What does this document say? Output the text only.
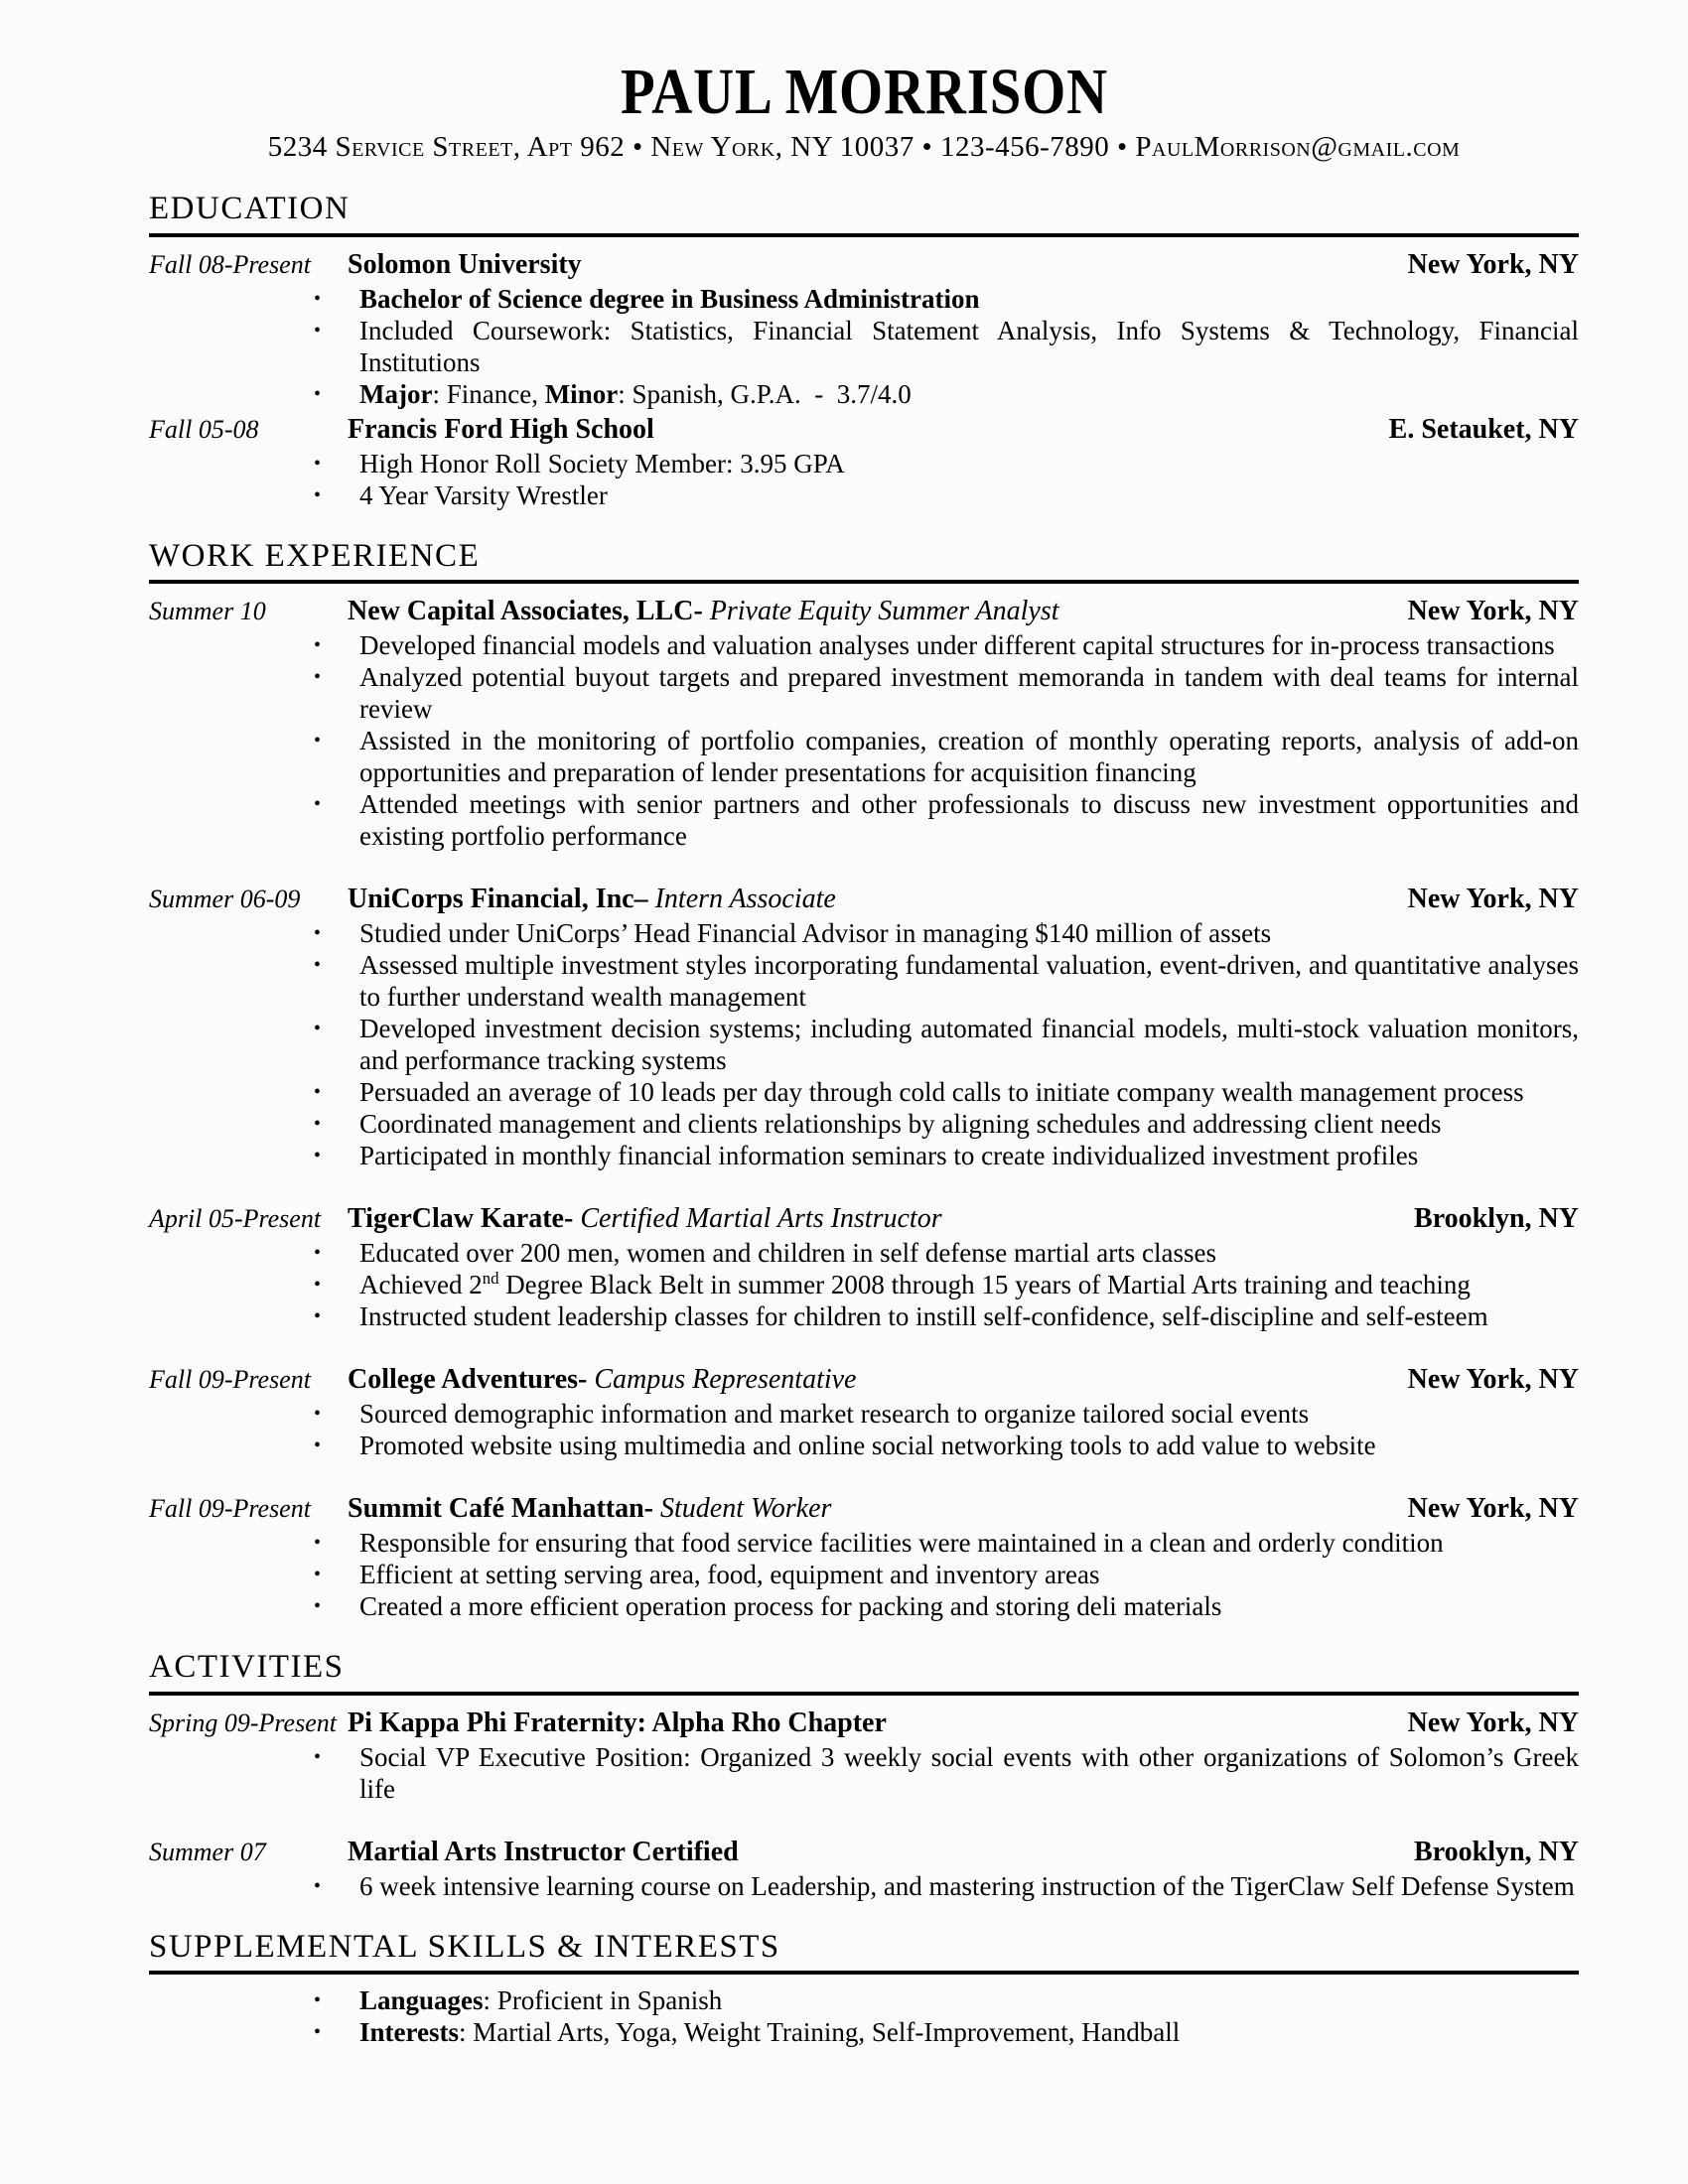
PAUL MORRISON
5234 Service Street, Apt 962 • New York, NY 10037 • 123-456-7890 • PaulMorrison@gmail.com
EDUCATION
Fall 08-Present	Solomon University	New York, NY
•	Bachelor of Science degree in Business Administration
•	Included Coursework: Statistics, Financial Statement Analysis, Info Systems & Technology, Financial Institutions
•	Major: Finance, Minor: Spanish, G.P.A. - 3.7/4.0
Fall 05-08	Francis Ford High School	E. Setauket, NY
•	High Honor Roll Society Member: 3.95 GPA
•	4 Year Varsity Wrestler
WORK EXPERIENCE
Summer 10	New Capital Associates, LLC- Private Equity Summer Analyst	New York, NY
•	Developed financial models and valuation analyses under different capital structures for in-process transactions
•	Analyzed potential buyout targets and prepared investment memoranda in tandem with deal teams for internal review
•	Assisted in the monitoring of portfolio companies, creation of monthly operating reports, analysis of add-on opportunities and preparation of lender presentations for acquisition financing
•	Attended meetings with senior partners and other professionals to discuss new investment opportunities and existing portfolio performance
Summer 06-09	UniCorps Financial, Inc– Intern Associate	New York, NY
•	Studied under UniCorps’ Head Financial Advisor in managing $140 million of assets
•	Assessed multiple investment styles incorporating fundamental valuation, event-driven, and quantitative analyses to further understand wealth management
•	Developed investment decision systems; including automated financial models, multi-stock valuation monitors, and performance tracking systems
•	Persuaded an average of 10 leads per day through cold calls to initiate company wealth management process
•	Coordinated management and clients relationships by aligning schedules and addressing client needs
•	Participated in monthly financial information seminars to create individualized investment profiles
April 05-Present TigerClaw Karate- Certified Martial Arts Instructor	Brooklyn, NY
•	Educated over 200 men, women and children in self defense martial arts classes
•	Achieved 2nd Degree Black Belt in summer 2008 through 15 years of Martial Arts training and teaching
•	Instructed student leadership classes for children to instill self-confidence, self-discipline and self-esteem
Fall 09-Present	College Adventures- Campus Representative	New York, NY
•	Sourced demographic information and market research to organize tailored social events
•	Promoted website using multimedia and online social networking tools to add value to website
Fall 09-Present	Summit Café Manhattan- Student Worker	New York, NY
•	Responsible for ensuring that food service facilities were maintained in a clean and orderly condition
•	Efficient at setting serving area, food, equipment and inventory areas
•	Created a more efficient operation process for packing and storing deli materials
ACTIVITIES
Spring 09-Present Pi Kappa Phi Fraternity: Alpha Rho Chapter	New York, NY
•	Social VP Executive Position: Organized 3 weekly social events with other organizations of Solomon’s Greek life
Summer 07	Martial Arts Instructor Certified	Brooklyn, NY
•	6 week intensive learning course on Leadership, and mastering instruction of the TigerClaw Self Defense System
SUPPLEMENTAL SKILLS & INTERESTS
•	Languages: Proficient in Spanish
•	Interests: Martial Arts, Yoga, Weight Training, Self-Improvement, Handball
